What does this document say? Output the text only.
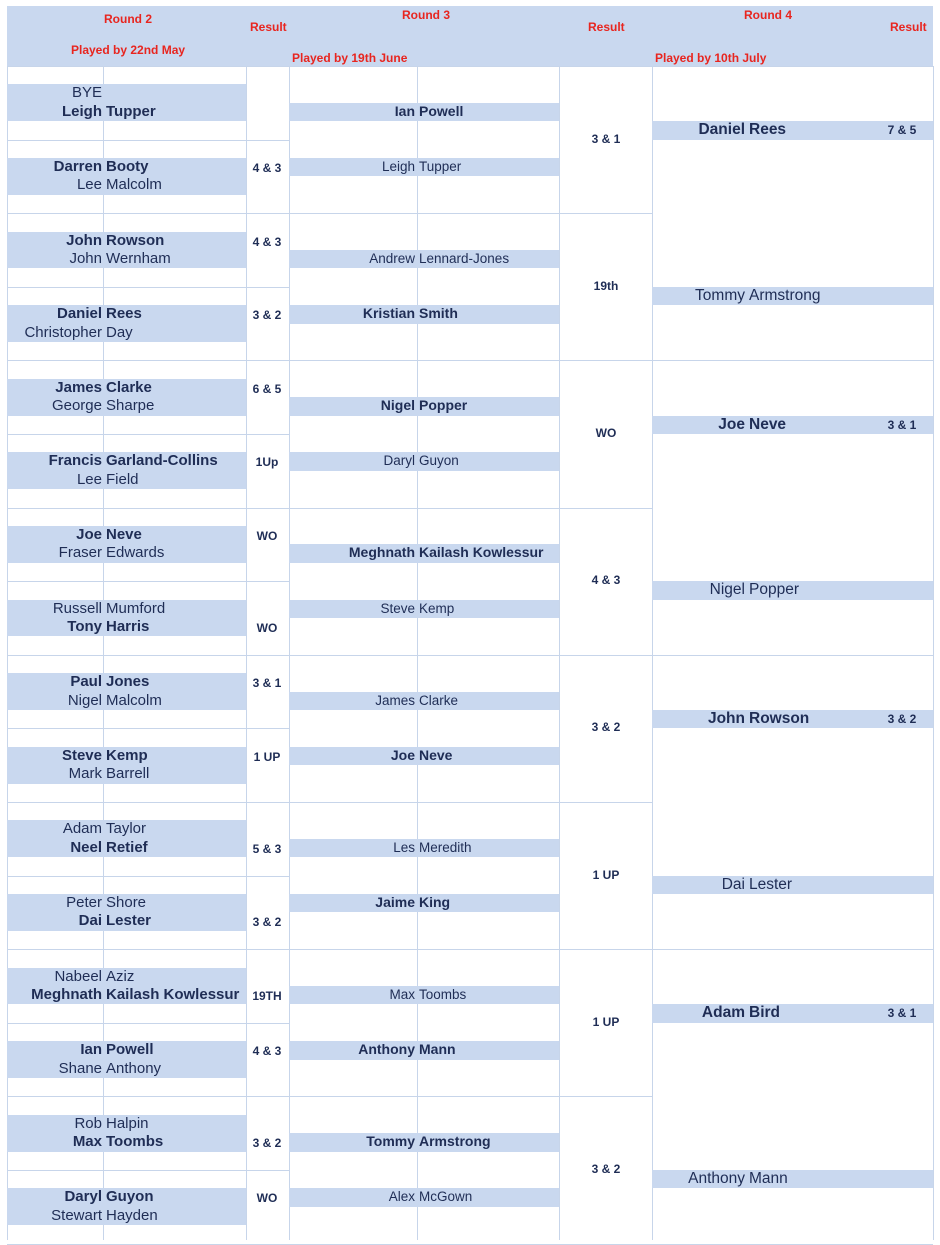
Round 2
Played by 22nd May
Result
Round 3
Played by 19th June
Result
Round 4
Played by 10th July
Result
BYE
Leigh Tupper
Darren Booty
Lee Malcolm
4 & 3
John Rowson
John Wernham
4 & 3
Daniel Rees
Christopher Day
3 & 2
James Clarke
George Sharpe
6 & 5
Francis Garland-Collins
Lee Field
1Up
Joe Neve
Fraser Edwards
WO
Russell Mumford
Tony Harris	WO
Paul Jones
Nigel Malcolm
3 & 1
Steve Kemp
Mark Barrell
1 UP
Adam Taylor
Neel Retief	5 & 3
Peter Shore
Dai Lester	3 & 2
Nabeel Aziz
Meghnath Kailash Kowlessur	19TH
Ian Powell
Shane Anthony
4 & 3
Rob Halpin
Max Toombs	3 & 2
Daryl Guyon
Stewart Hayden
WO
Ian Powell
Leigh Tupper
3 & 1
Andrew Lennard-Jones
Kristian Smith
19th
Nigel Popper
Daryl Guyon
WO
Meghnath Kailash Kowlessur
Steve Kemp
4 & 3
James Clarke
Joe Neve
3 & 2
Les Meredith
Jaime King
1 UP
Max Toombs
Anthony Mann
1 UP
Tommy Armstrong
Alex McGown
3 & 2
Daniel Rees
Tommy Armstrong
7 & 5
Joe Neve
Nigel Popper
3 & 1
John Rowson
Dai Lester
3 & 2
Adam Bird
Anthony Mann
3 & 1
